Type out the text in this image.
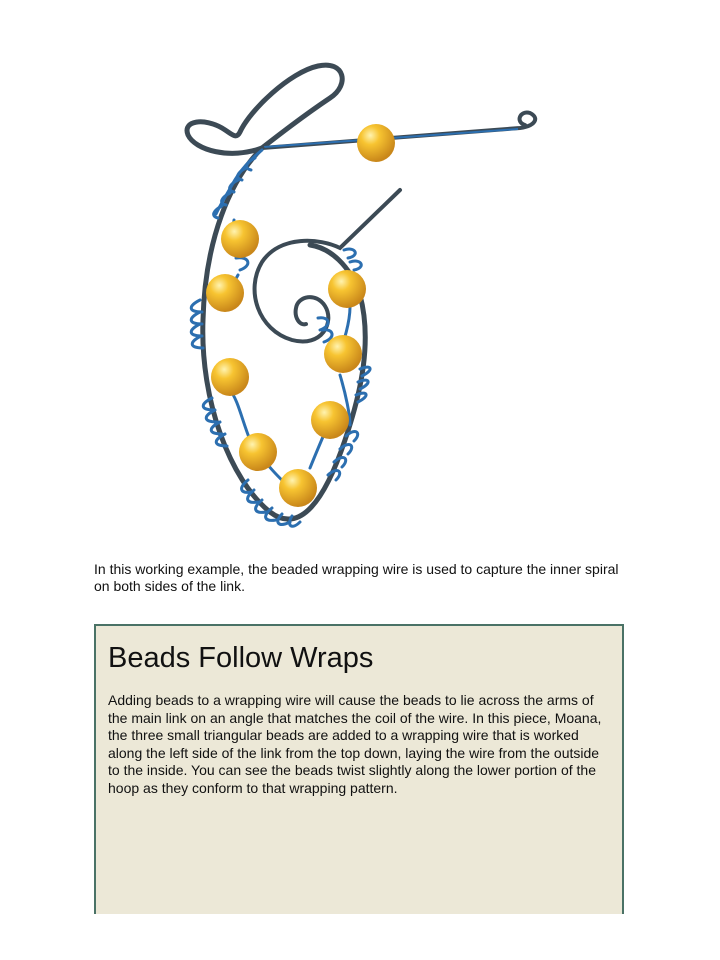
In this working example, the beaded wrapping wire is used to capture the inner spiral on both sides of the link.

Beads Follow Wraps

Adding beads to a wrapping wire will cause the beads to lie across the arms of the main link on an angle that matches the coil of the wire. In this piece, Moana, the three small triangular beads are added to a wrapping wire that is worked along the left side of the link from the top down, laying the wire from the outside to the inside. You can see the beads twist slightly along the lower portion of the hoop as they conform to that wrapping pattern.
